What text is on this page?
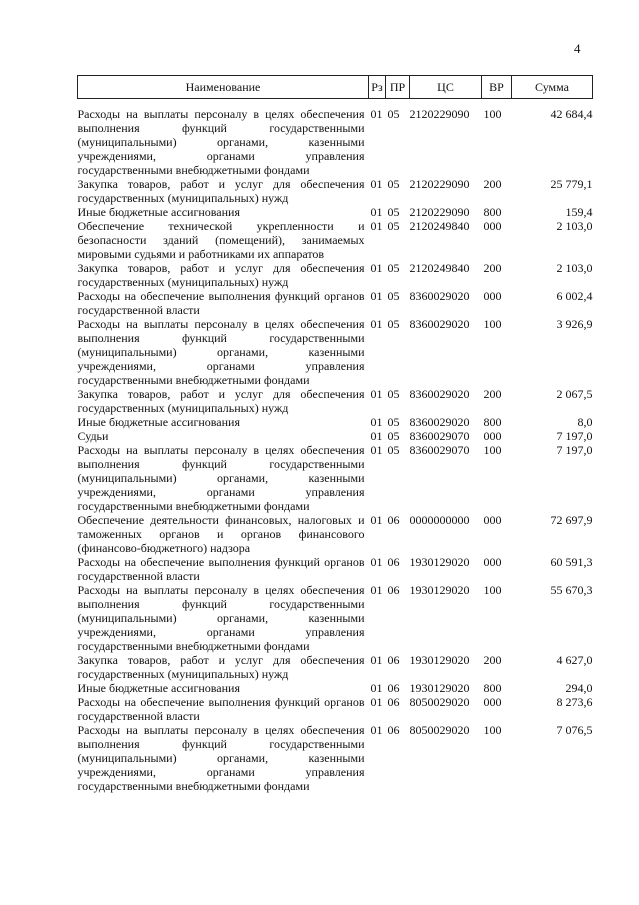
4
Наименование	Рз	ПР	ЦС	ВР	Сумма
Расходы на выплаты персоналу в целях обеспечения выполнения функций государственными (муниципальными) органами, казенными учреждениями, органами управления государственными внебюджетными фондами	01	05	2120229090	100	42 684,4
Закупка товаров, работ и услуг для обеспечения государственных (муниципальных) нужд	01	05	2120229090	200	25 779,1
Иные бюджетные ассигнования	01	05	2120229090	800	159,4
Обеспечение технической укрепленности и безопасности зданий (помещений), занимаемых мировыми судьями и работниками их аппаратов	01	05	2120249840	000	2 103,0
Закупка товаров, работ и услуг для обеспечения государственных (муниципальных) нужд	01	05	2120249840	200	2 103,0
Расходы на обеспечение выполнения функций органов государственной власти	01	05	8360029020	000	6 002,4
Расходы на выплаты персоналу в целях обеспечения выполнения функций государственными (муниципальными) органами, казенными учреждениями, органами управления государственными внебюджетными фондами	01	05	8360029020	100	3 926,9
Закупка товаров, работ и услуг для обеспечения государственных (муниципальных) нужд	01	05	8360029020	200	2 067,5
Иные бюджетные ассигнования	01	05	8360029020	800	8,0
Судьи	01	05	8360029070	000	7 197,0
Расходы на выплаты персоналу в целях обеспечения выполнения функций государственными (муниципальными) органами, казенными учреждениями, органами управления государственными внебюджетными фондами	01	05	8360029070	100	7 197,0
Обеспечение деятельности финансовых, налоговых и таможенных органов и органов финансового (финансово-бюджетного) надзора	01	06	0000000000	000	72 697,9
Расходы на обеспечение выполнения функций органов государственной власти	01	06	1930129020	000	60 591,3
Расходы на выплаты персоналу в целях обеспечения выполнения функций государственными (муниципальными) органами, казенными учреждениями, органами управления государственными внебюджетными фондами	01	06	1930129020	100	55 670,3
Закупка товаров, работ и услуг для обеспечения государственных (муниципальных) нужд	01	06	1930129020	200	4 627,0
Иные бюджетные ассигнования	01	06	1930129020	800	294,0
Расходы на обеспечение выполнения функций органов государственной власти	01	06	8050029020	000	8 273,6
Расходы на выплаты персоналу в целях обеспечения выполнения функций государственными (муниципальными) органами, казенными учреждениями, органами управления государственными внебюджетными фондами	01	06	8050029020	100	7 076,5
